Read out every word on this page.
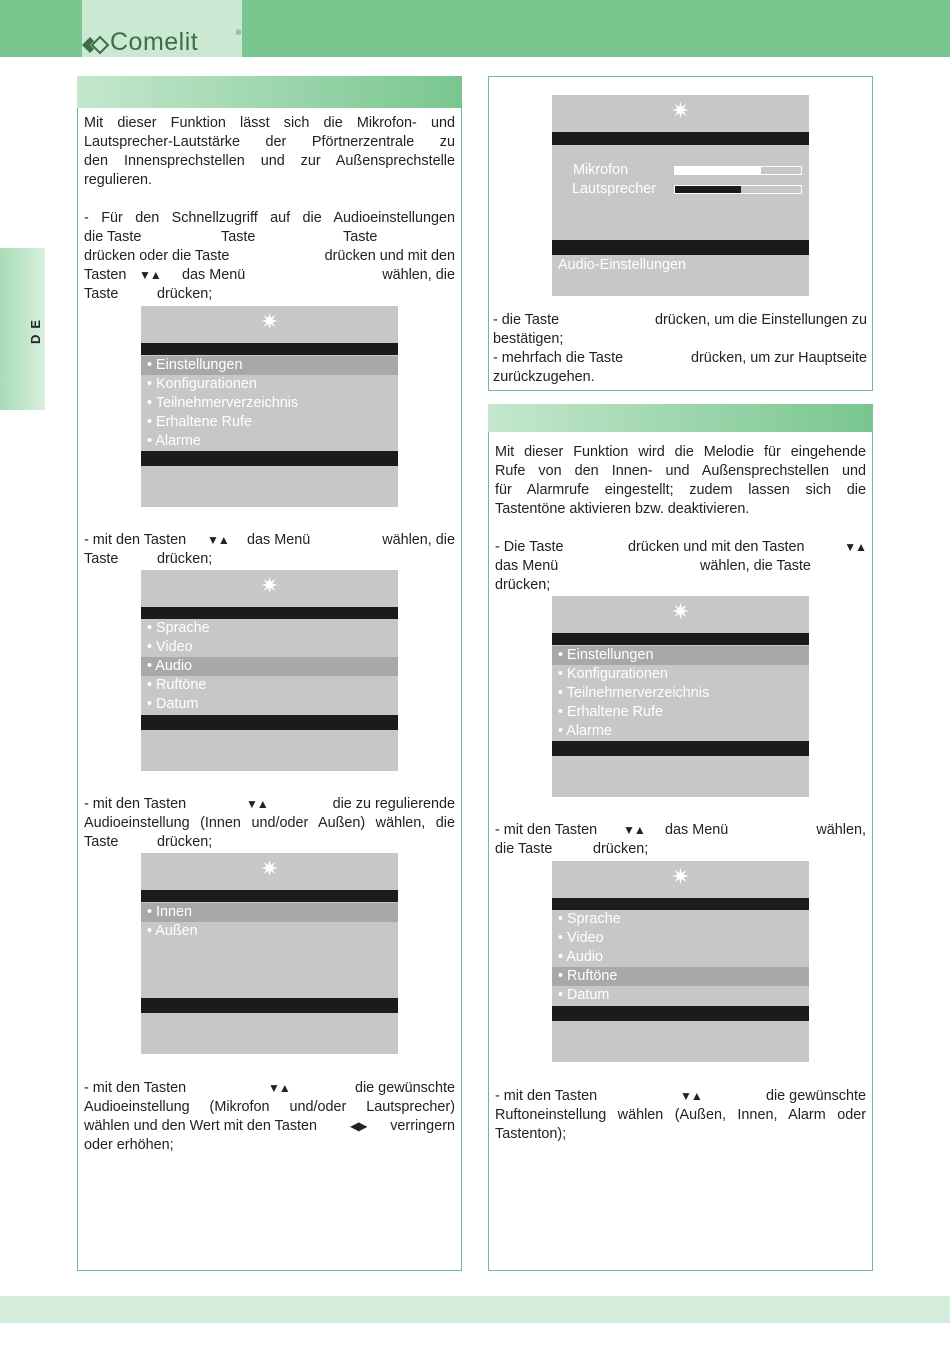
Comelit	®
DE
Mit dieser Funktion lässt sich die Mikrofon- und
Lautsprecher-Lautstärke der Pförtnerzentrale zu
den Innensprechstellen und zur Außensprechstelle
regulieren.
- Für den Schnellzugriff auf die Audioeinstellungen
die Taste	Taste	Taste
drücken oder die Taste	drücken und mit den
Tasten ▼▲ das Menü	wählen, die
Taste	drücken;
✷
• Einstellungen
• Konfigurationen
• Teilnehmerverzeichnis
• Erhaltene Rufe
• Alarme
- mit den Tasten ▼▲ das Menü	wählen, die
Taste	drücken;
✷
• Sprache
• Video
• Audio
• Ruftöne
• Datum
- mit den Tasten	▼▲	die zu regulierende
Audioeinstellung (Innen und/oder Außen) wählen, die
Taste	drücken;
✷
• Innen
• Außen
- mit den Tasten	▼▲	die gewünschte
Audioeinstellung (Mikrofon und/oder Lautsprecher)
wählen und den Wert mit den Tasten	◀▶ verringern
oder erhöhen;
✷
Mikrofon
Lautsprecher
Audio-Einstellungen
- die Taste	drücken, um die Einstellungen zu
bestätigen;
- mehrfach die Taste	drücken, um zur Hauptseite
zurückzugehen.
Mit dieser Funktion wird die Melodie für eingehende
Rufe von den Innen- und Außensprechstellen und
für Alarmrufe eingestellt; zudem lassen sich die
Tastentöne aktivieren bzw. deaktivieren.
- Die Taste	drücken und mit den Tasten	▼▲
das Menü	wählen, die Taste
drücken;
✷
• Einstellungen
• Konfigurationen
• Teilnehmerverzeichnis
• Erhaltene Rufe
• Alarme
- mit den Tasten ▼▲ das Menü	wählen,
die Taste	drücken;
✷
• Sprache
• Video
• Audio
• Ruftöne
• Datum
- mit den Tasten	▼▲	die gewünschte
Ruftoneinstellung wählen (Außen, Innen, Alarm oder
Tastenton);
